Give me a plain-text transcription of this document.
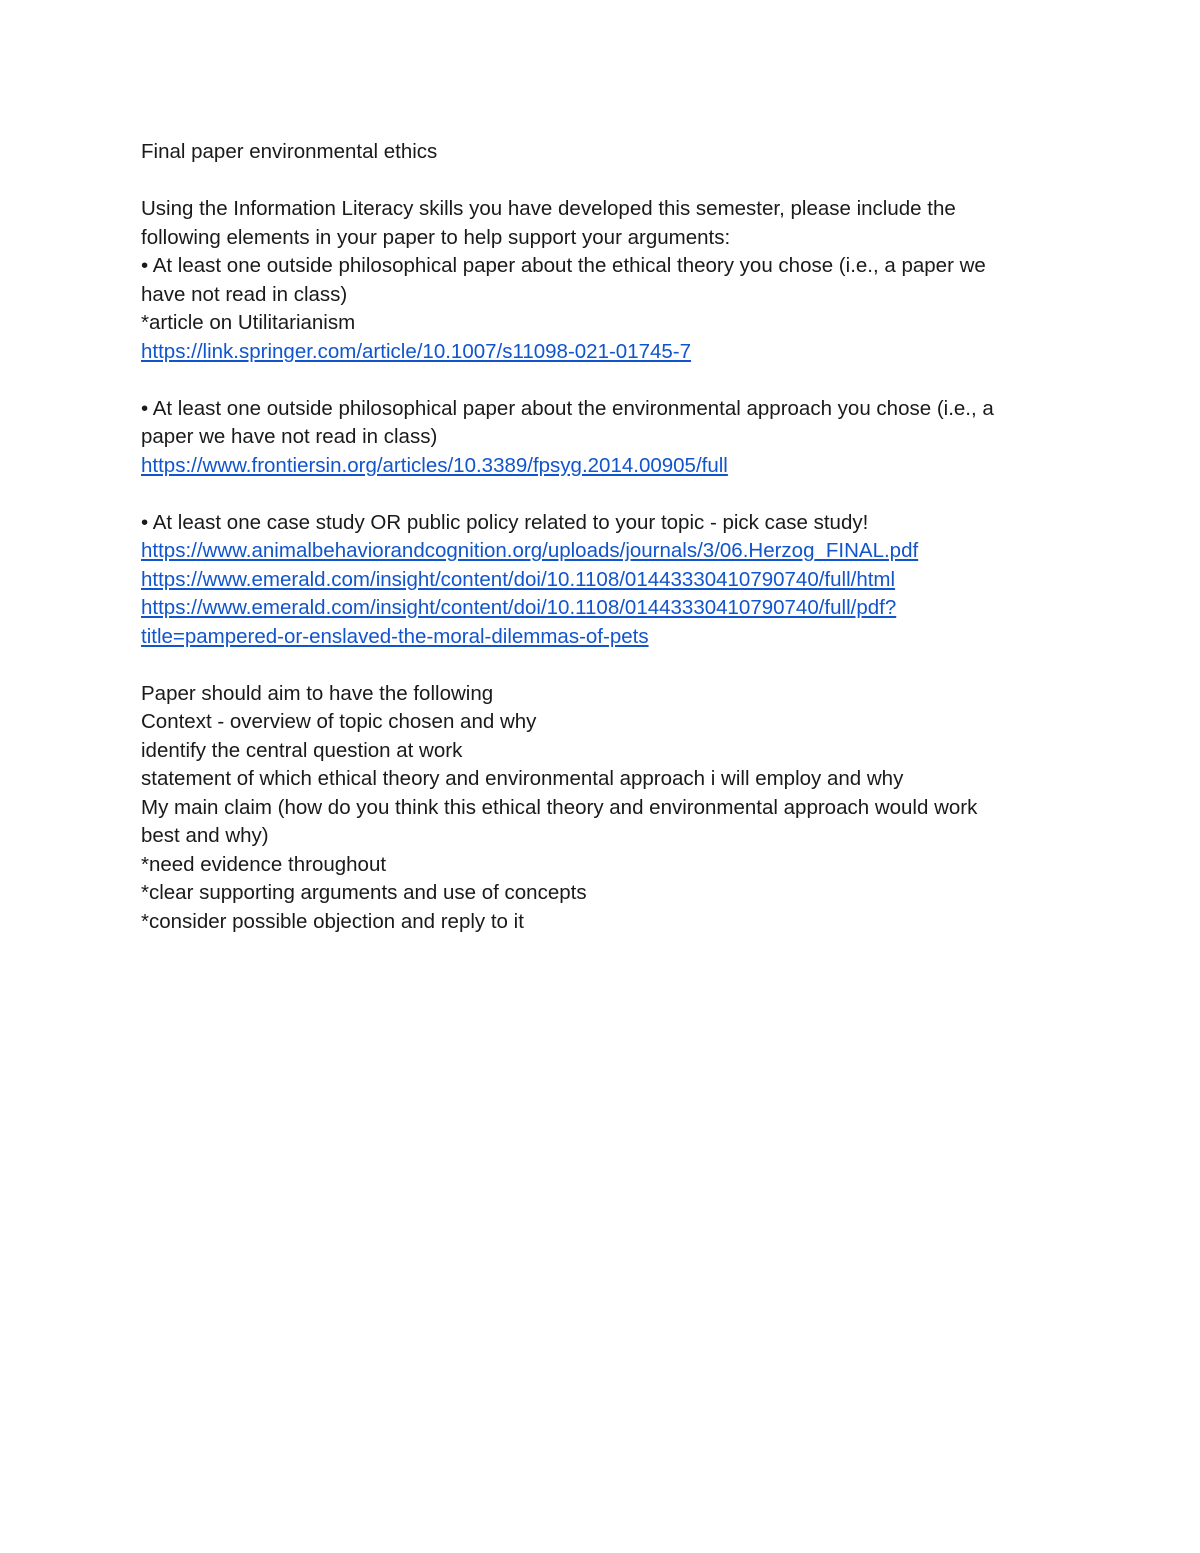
Final paper environmental ethics
Using the Information Literacy skills you have developed this semester, please include the
following elements in your paper to help support your arguments:
• At least one outside philosophical paper about the ethical theory you chose (i.e., a paper we
have not read in class)
*article on Utilitarianism
https://link.springer.com/article/10.1007/s11098-021-01745-7
• At least one outside philosophical paper about the environmental approach you chose (i.e., a
paper we have not read in class)
https://www.frontiersin.org/articles/10.3389/fpsyg.2014.00905/full
• At least one case study OR public policy related to your topic - pick case study!
https://www.animalbehaviorandcognition.org/uploads/journals/3/06.Herzog_FINAL.pdf
https://www.emerald.com/insight/content/doi/10.1108/01443330410790740/full/html
https://www.emerald.com/insight/content/doi/10.1108/01443330410790740/full/pdf?
title=pampered-or-enslaved-the-moral-dilemmas-of-pets
Paper should aim to have the following
Context - overview of topic chosen and why
identify the central question at work
statement of which ethical theory and environmental approach i will employ and why
My main claim (how do you think this ethical theory and environmental approach would work
best and why)
*need evidence throughout
*clear supporting arguments and use of concepts
*consider possible objection and reply to it
